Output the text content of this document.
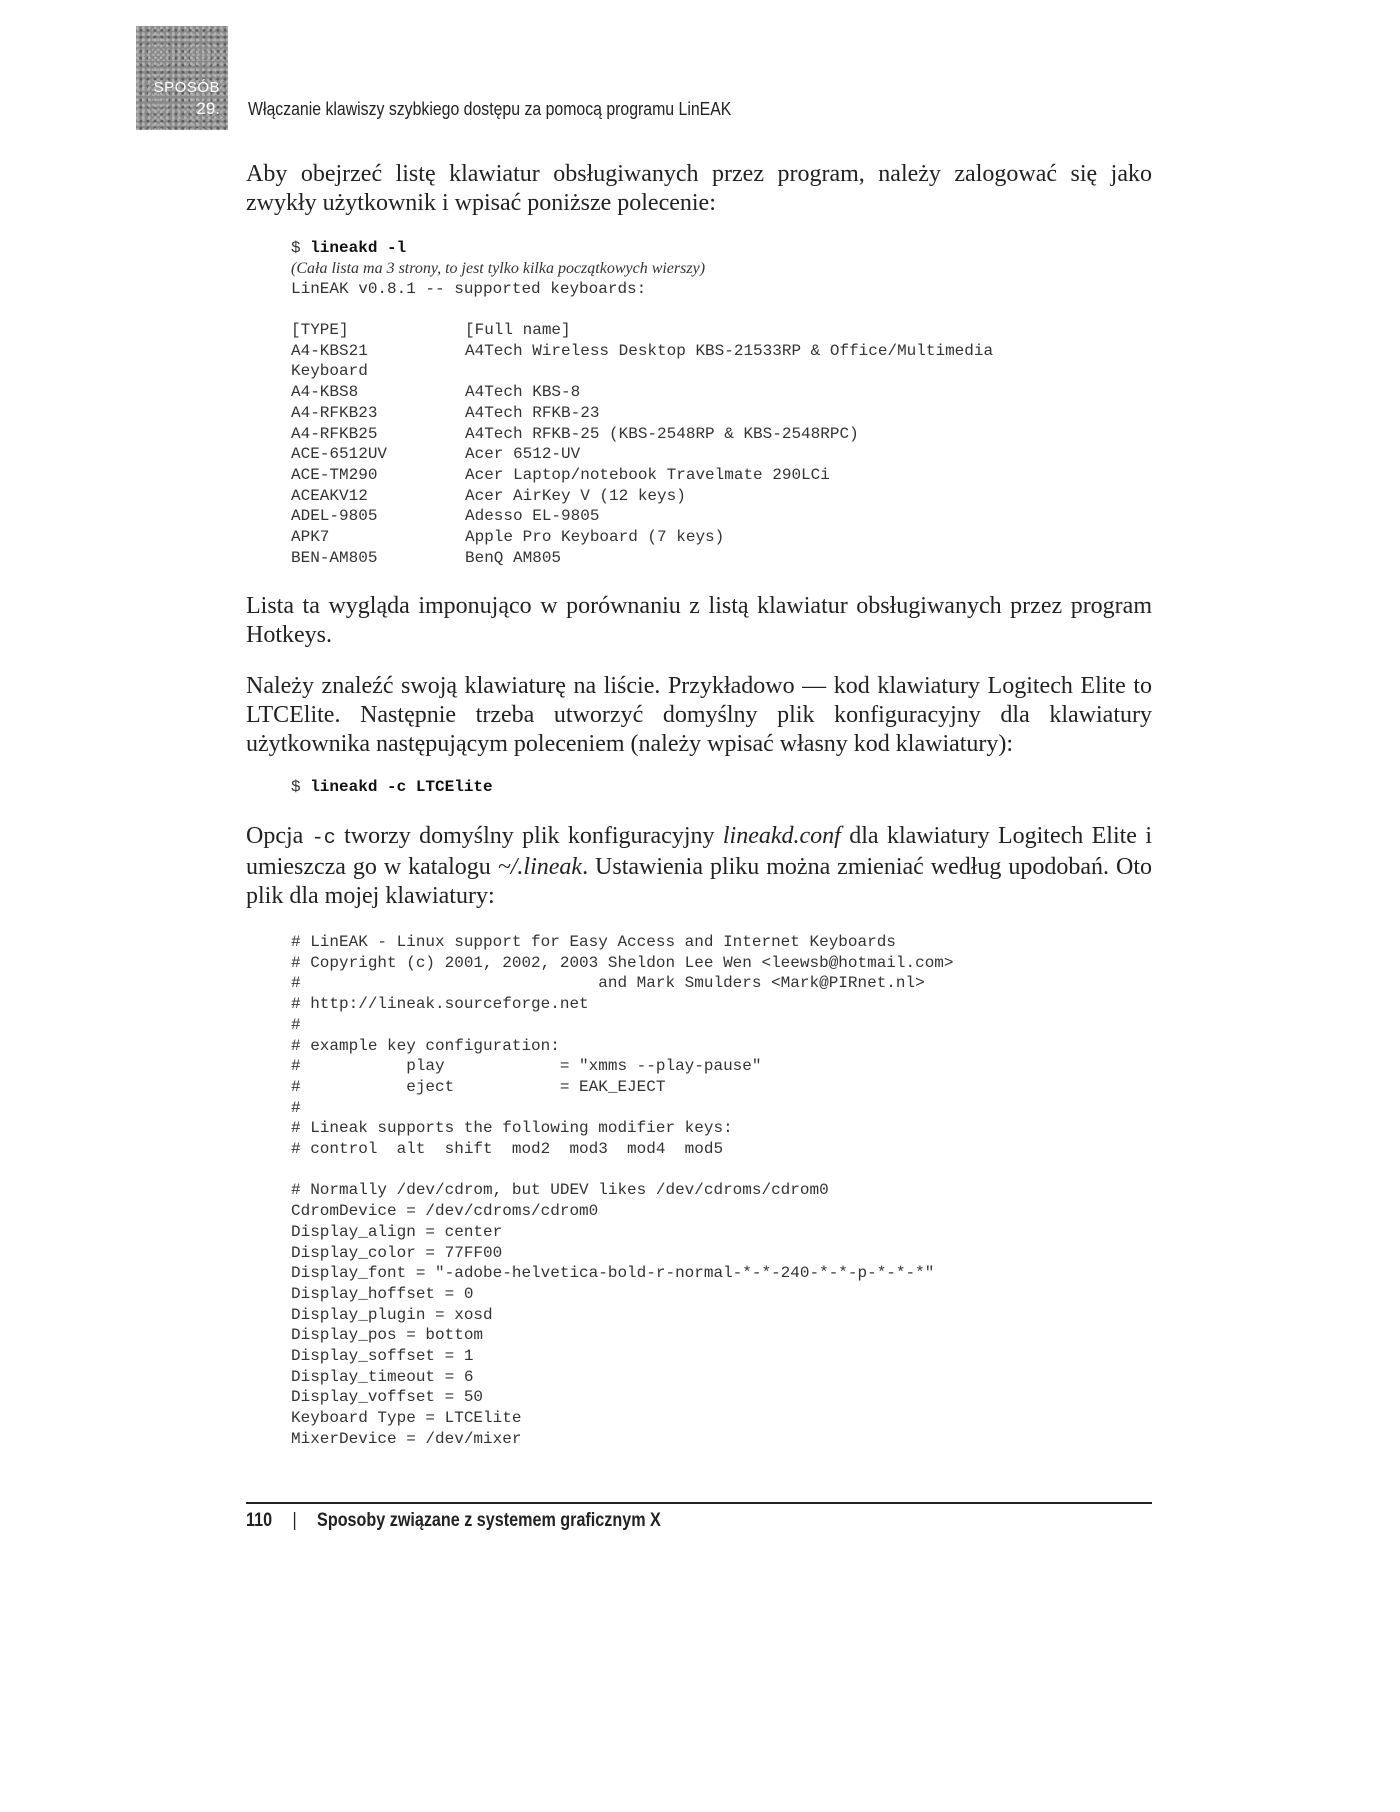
SPOSÓB
29. Włączanie klawiszy szybkiego dostępu za pomocą programu LinEAK

Aby obejrzeć listę klawiatur obsługiwanych przez program, należy zalogować się jako zwykły użytkownik i wpisać poniższe polecenie:

$ lineakd -l
(Cała lista ma 3 strony, to jest tylko kilka początkowych wierszy)
LinEAK v0.8.1 -- supported keyboards:
[TYPE]	[Full name]
A4-KBS21	A4Tech Wireless Desktop KBS-21533RP & Office/Multimedia
Keyboard
A4-KBS8	A4Tech KBS-8
A4-RFKB23	A4Tech RFKB-23
A4-RFKB25	A4Tech RFKB-25 (KBS-2548RP & KBS-2548RPC)
ACE-6512UV	Acer 6512-UV
ACE-TM290	Acer Laptop/notebook Travelmate 290LCi
ACEAKV12	Acer AirKey V (12 keys)
ADEL-9805	Adesso EL-9805
APK7	Apple Pro Keyboard (7 keys)
BEN-AM805	BenQ AM805

Lista ta wygląda imponująco w porównaniu z listą klawiatur obsługiwanych przez program Hotkeys.

Należy znaleźć swoją klawiaturę na liście. Przykładowo — kod klawiatury Logitech Elite to LTCElite. Następnie trzeba utworzyć domyślny plik konfiguracyjny dla klawiatury użytkownika następującym poleceniem (należy wpisać własny kod klawiatury):

$ lineakd -c LTCElite

Opcja -c tworzy domyślny plik konfiguracyjny lineakd.conf dla klawiatury Logitech Elite i umieszcza go w katalogu ~/.lineak. Ustawienia pliku można zmieniać według upodobań. Oto plik dla mojej klawiatury:

# LinEAK - Linux support for Easy Access and Internet Keyboards
# Copyright (c) 2001, 2002, 2003 Sheldon Lee Wen <leewsb@hotmail.com>
#                               and Mark Smulders <Mark@PIRnet.nl>
# http://lineak.sourceforge.net
#
# example key configuration:
#           play            = "xmms --play-pause"
#           eject           = EAK_EJECT
#
# Lineak supports the following modifier keys:
# control  alt  shift  mod2  mod3  mod4  mod5

# Normally /dev/cdrom, but UDEV likes /dev/cdroms/cdrom0
CdromDevice = /dev/cdroms/cdrom0
Display_align = center
Display_color = 77FF00
Display_font = "-adobe-helvetica-bold-r-normal-*-*-240-*-*-p-*-*-*"
Display_hoffset = 0
Display_plugin = xosd
Display_pos = bottom
Display_soffset = 1
Display_timeout = 6
Display_voffset = 50
Keyboard Type = LTCElite
MixerDevice = /dev/mixer
110 | Sposoby związane z systemem graficznym X
